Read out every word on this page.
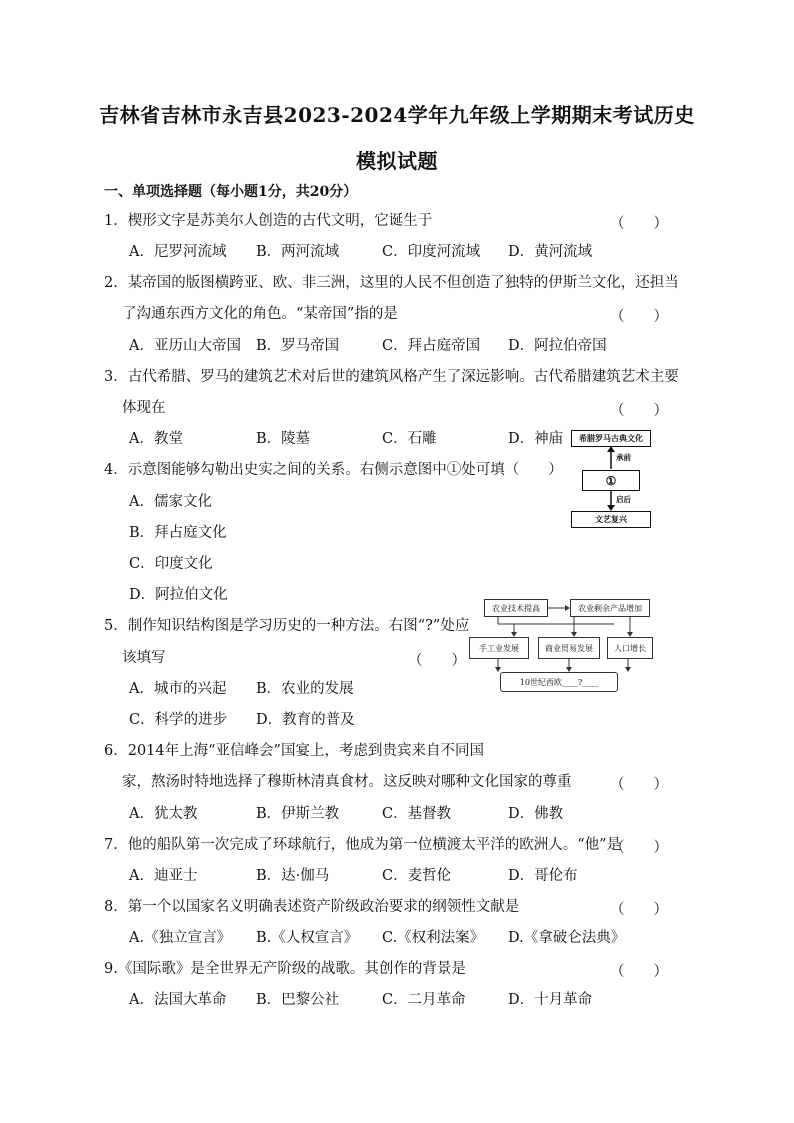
吉林省吉林市永吉县2023-2024学年九年级上学期期末考试历史
模拟试题
一、单项选择题（每小题1分，共20分）
1．楔形文字是苏美尔人创造的古代文明，它诞生于	（　　）
A．尼罗河流域 B．两河流域	C．印度河流域 D．黄河流域
2．某帝国的版图横跨亚、欧、非三洲，这里的人民不但创造了独特的伊斯兰文化，还担当
了沟通东西方文化的角色。“某帝国”指的是	（　　）
A．亚历山大帝国 B．罗马帝国	C．拜占庭帝国 D．阿拉伯帝国
3．古代希腊、罗马的建筑艺术对后世的建筑风格产生了深远影响。古代希腊建筑艺术主要
体现在	（　　）
A．教堂	B．陵墓	C．石雕	D．神庙
4．示意图能够勾勒出史实之间的关系。右侧示意图中①处可填（　　）
A．儒家文化
B．拜占庭文化
C．印度文化
D．阿拉伯文化
希腊罗马古典文化
承前
①
启后
文艺复兴
5．制作知识结构图是学习历史的一种方法。右图“?”处应
该填写	（　　）
A．城市的兴起 B．农业的发展
C．科学的进步 D．教育的普及
农业技术提高	农业剩余产品增加
手工业发展	商业贸易发展	人口增长
10世纪西欧____?____
6．2014年上海“亚信峰会”国宴上，考虑到贵宾来自不同国
家，熬汤时特地选择了穆斯林清真食材。这反映对哪种文化国家的尊重	（　　）
A．犹太教	B．伊斯兰教	C．基督教	D．佛教
7．他的船队第一次完成了环球航行，他成为第一位横渡太平洋的欧洲人。“他”是
（　　）
A．迪亚士	B．达·伽马	C．麦哲伦	D．哥伦布
8．第一个以国家名义明确表述资产阶级政治要求的纲领性文献是	（　　）
A.《独立宣言》 B.《人权宣言》 C.《权利法案》 D.《拿破仑法典》
9.《国际歌》是全世界无产阶级的战歌。其创作的背景是	（　　）
A．法国大革命 B．巴黎公社	C．二月革命	D．十月革命
